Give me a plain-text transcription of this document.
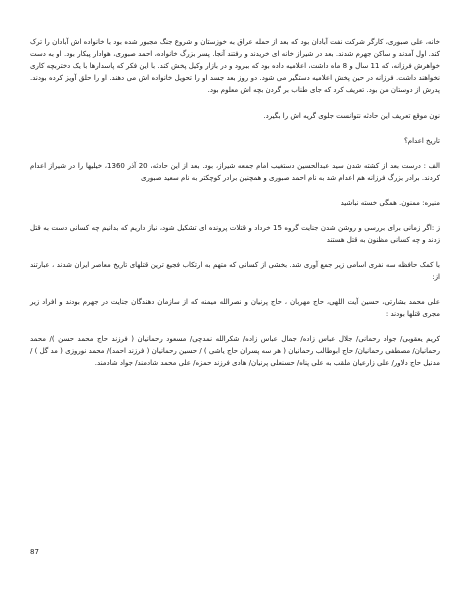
خانه، علی صبوری، کارگر شرکت نفت آبادان بود که بعد از حمله عراق به خوزستان و شروع جنگ مجبور شده بود با خانواده اش آبادان را ترک کند. اول آمدند و ساکن جهرم شدند. بعد در شیراز خانه ای خریدند و رفتند آنجا. پسر بزرگ خانواده، احمد صبوری، هوادار پیکار بود. او به دست خواهرش فرزانه، که 11 سال و 8 ماه داشت، اعلامیه داده بود که ببرود و در بازار وکیل پخش کند. با این فکر که پاسدارها با یک دختربچه کاری نخواهند داشت. فرزانه در حین پخش اعلامیه دستگیر می شود. دو روز بعد جسد او را تحویل خانواده اش می دهند. او را حلق آویز کرده بودند. پدرش از دوستان من بود. تعریف کرد که جای طناب بر گردن بچه اش معلوم بود.

نون موقع تعریف این حادثه نتوانست جلوی گریه اش را بگیرد.

تاریخ اعدام؟

الف : درست بعد از کشته شدن سید عبدالحسین دستغیب امام جمعه شیراز، بود. بعد از این حادثه، 20 آذر 1360، خیلیها را در شیراز اعدام کردند. برادر بزرگ فرزانه هم اعدام شد به نام احمد صبوری و همچنین برادر کوچکتر به نام سعید صبوری

منیره: ممنون. همگی خسته نباشید

ز :اگر زمانی برای بررسی و روشن شدن جنایت گروه 15 خرداد و قتلات پرونده ای تشکیل شود، نیاز داریم که بدانیم چه کسانی دست به قتل زدند و چه کسانی مظنون به قتل هستند

با کمک حافظه سه نفری اسامی زیر جمع آوری شد. بخشی از کسانی که متهم به ارتکاب فجیع ترین قتلهای تاریخ معاصر ایران شدند ، عبارتند از:

علی محمد بشارتی، حسین آیت اللهی، حاج مهربان ، حاج پرنیان و نصرالله میمنه که از سازمان دهندگان جنایت در جهرم بودند و افراد زیر مجری قتلها بودند :

کریم یعقوبی/ جواد رحمانی/ جلال عباس زاده/ جمال عباس زاده/ شکرالله نمدچی/ مسعود رحمانیان ( فرزند حاج محمد حسن )/ محمد رحمانیان/ مصطفی رحمانیان/ حاج ابوطالب رحمانیان ( هر سه پسران حاج یاشی ) / حسین رحمانیان ( فرزند احمد)/ محمد نوروزی ( مد گل ) / مدنیل حاج دلاور/ علی زارعیان ملقب به علی پناه/ حسنعلی پرنیان/ هادی فرزند حمزه/ علی محمد شادمند/ جواد شادمند.

87
